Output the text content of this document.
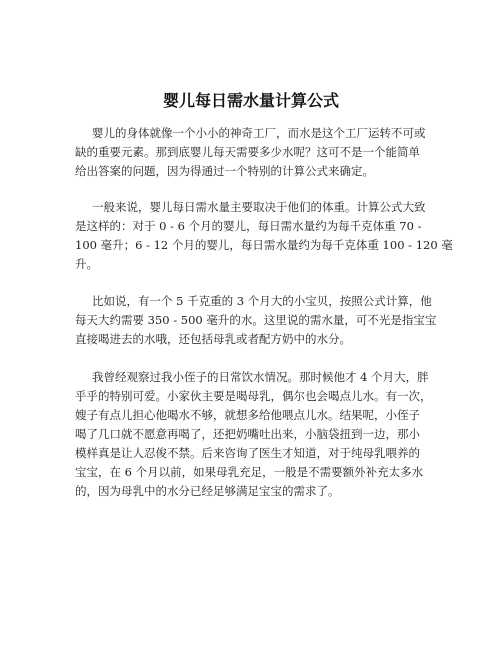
婴儿每日需水量计算公式
婴儿的身体就像一个小小的神奇工厂，而水是这个工厂运转不可或
缺的重要元素。那到底婴儿每天需要多少水呢？这可不是一个能简单
给出答案的问题，因为得通过一个特别的计算公式来确定。
一般来说，婴儿每日需水量主要取决于他们的体重。计算公式大致
是这样的：对于 0 - 6 个月的婴儿，每日需水量约为每千克体重 70 -
100 毫升；6 - 12 个月的婴儿，每日需水量约为每千克体重 100 - 120 毫
升。
比如说，有一个 5 千克重的 3 个月大的小宝贝，按照公式计算，他
每天大约需要 350 - 500 毫升的水。这里说的需水量，可不光是指宝宝
直接喝进去的水哦，还包括母乳或者配方奶中的水分。
我曾经观察过我小侄子的日常饮水情况。那时候他才 4 个月大，胖
乎乎的特别可爱。小家伙主要是喝母乳，偶尔也会喝点儿水。有一次，
嫂子有点儿担心他喝水不够，就想多给他喂点儿水。结果呢，小侄子
喝了几口就不愿意再喝了，还把奶嘴吐出来，小脑袋扭到一边，那小
模样真是让人忍俊不禁。后来咨询了医生才知道，对于纯母乳喂养的
宝宝，在 6 个月以前，如果母乳充足，一般是不需要额外补充太多水
的，因为母乳中的水分已经足够满足宝宝的需求了。
